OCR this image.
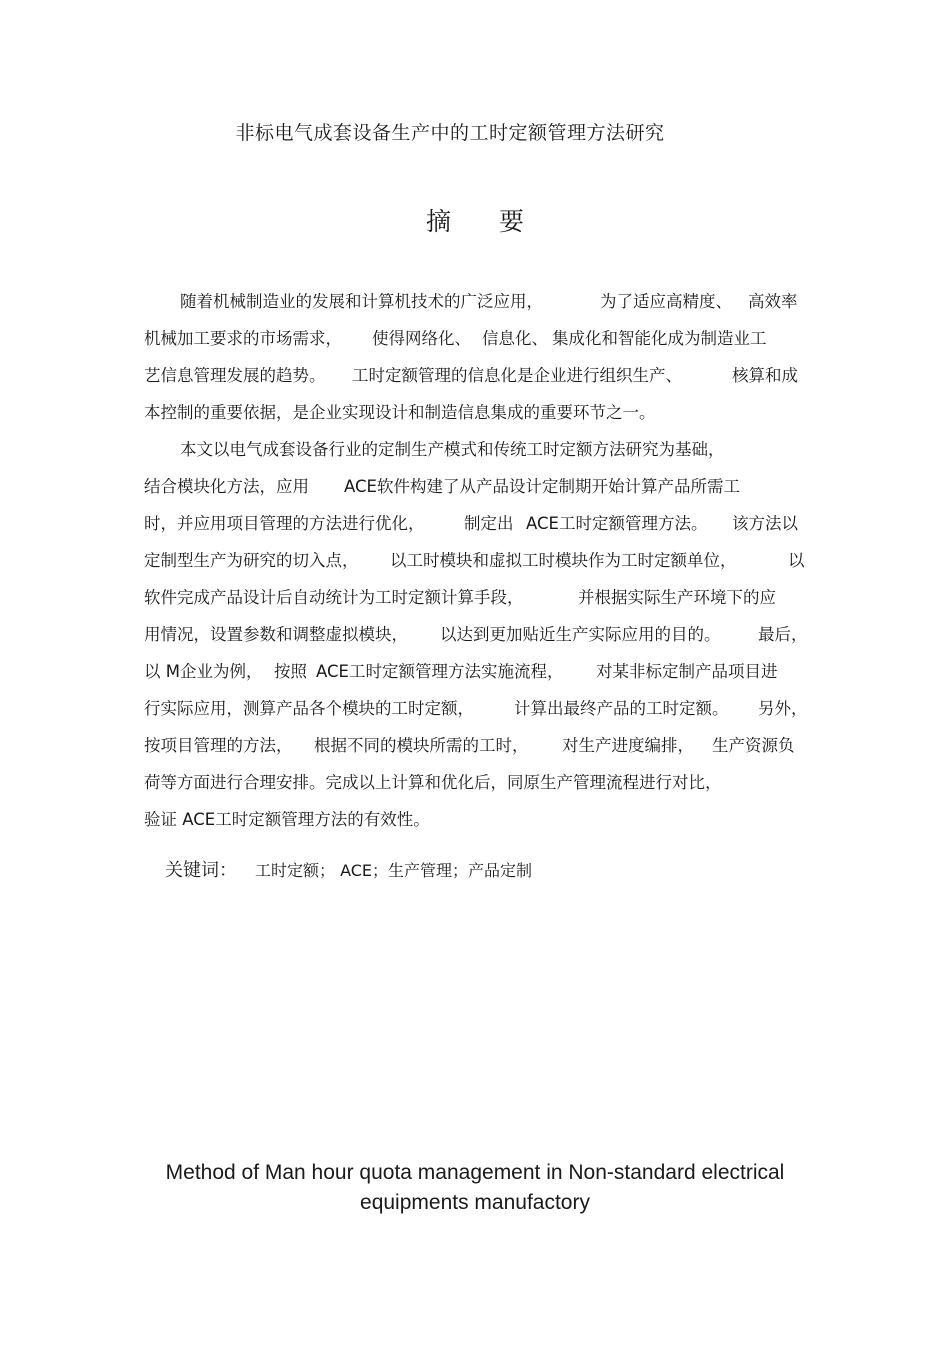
非标电气成套设备生产中的工时定额管理方法研究
摘 要
随着机械制造业的发展和计算机技术的广泛应用，	为了适应高精度、 高效率
机械加工要求的市场需求， 使得网络化、 信息化、 集成化和智能化成为制造业工
艺信息管理发展的趋势。 工时定额管理的信息化是企业进行组织生产、	核算和成
本控制的重要依据，是企业实现设计和制造信息集成的重要环节之一。
本文以电气成套设备行业的定制生产模式和传统工时定额方法研究为基础，
结合模块化方法，应用 ACE软件构建了从产品设计定制期开始计算产品所需工
时，并应用项目管理的方法进行优化， 制定出 ACE工时定额管理方法。 该方法以
定制型生产为研究的切入点， 以工时模块和虚拟工时模块作为工时定额单位，	以
软件完成产品设计后自动统计为工时定额计算手段，	并根据实际生产环境下的应
用情况，设置参数和调整虚拟模块， 以达到更加贴近生产实际应用的目的。 最后，
以 M企业为例， 按照 ACE工时定额管理方法实施流程， 对某非标定制产品项目进
行实际应用，测算产品各个模块的工时定额， 计算出最终产品的工时定额。 另外，
按项目管理的方法， 根据不同的模块所需的工时， 对生产进度编排， 生产资源负
荷等方面进行合理安排。完成以上计算和优化后，同原生产管理流程进行对比，
验证 ACE工时定额管理方法的有效性。
关键词： 工时定额； ACE；生产管理；产品定制
Method of Man hour quota management in Non-standard electrical
equipments manufactory
